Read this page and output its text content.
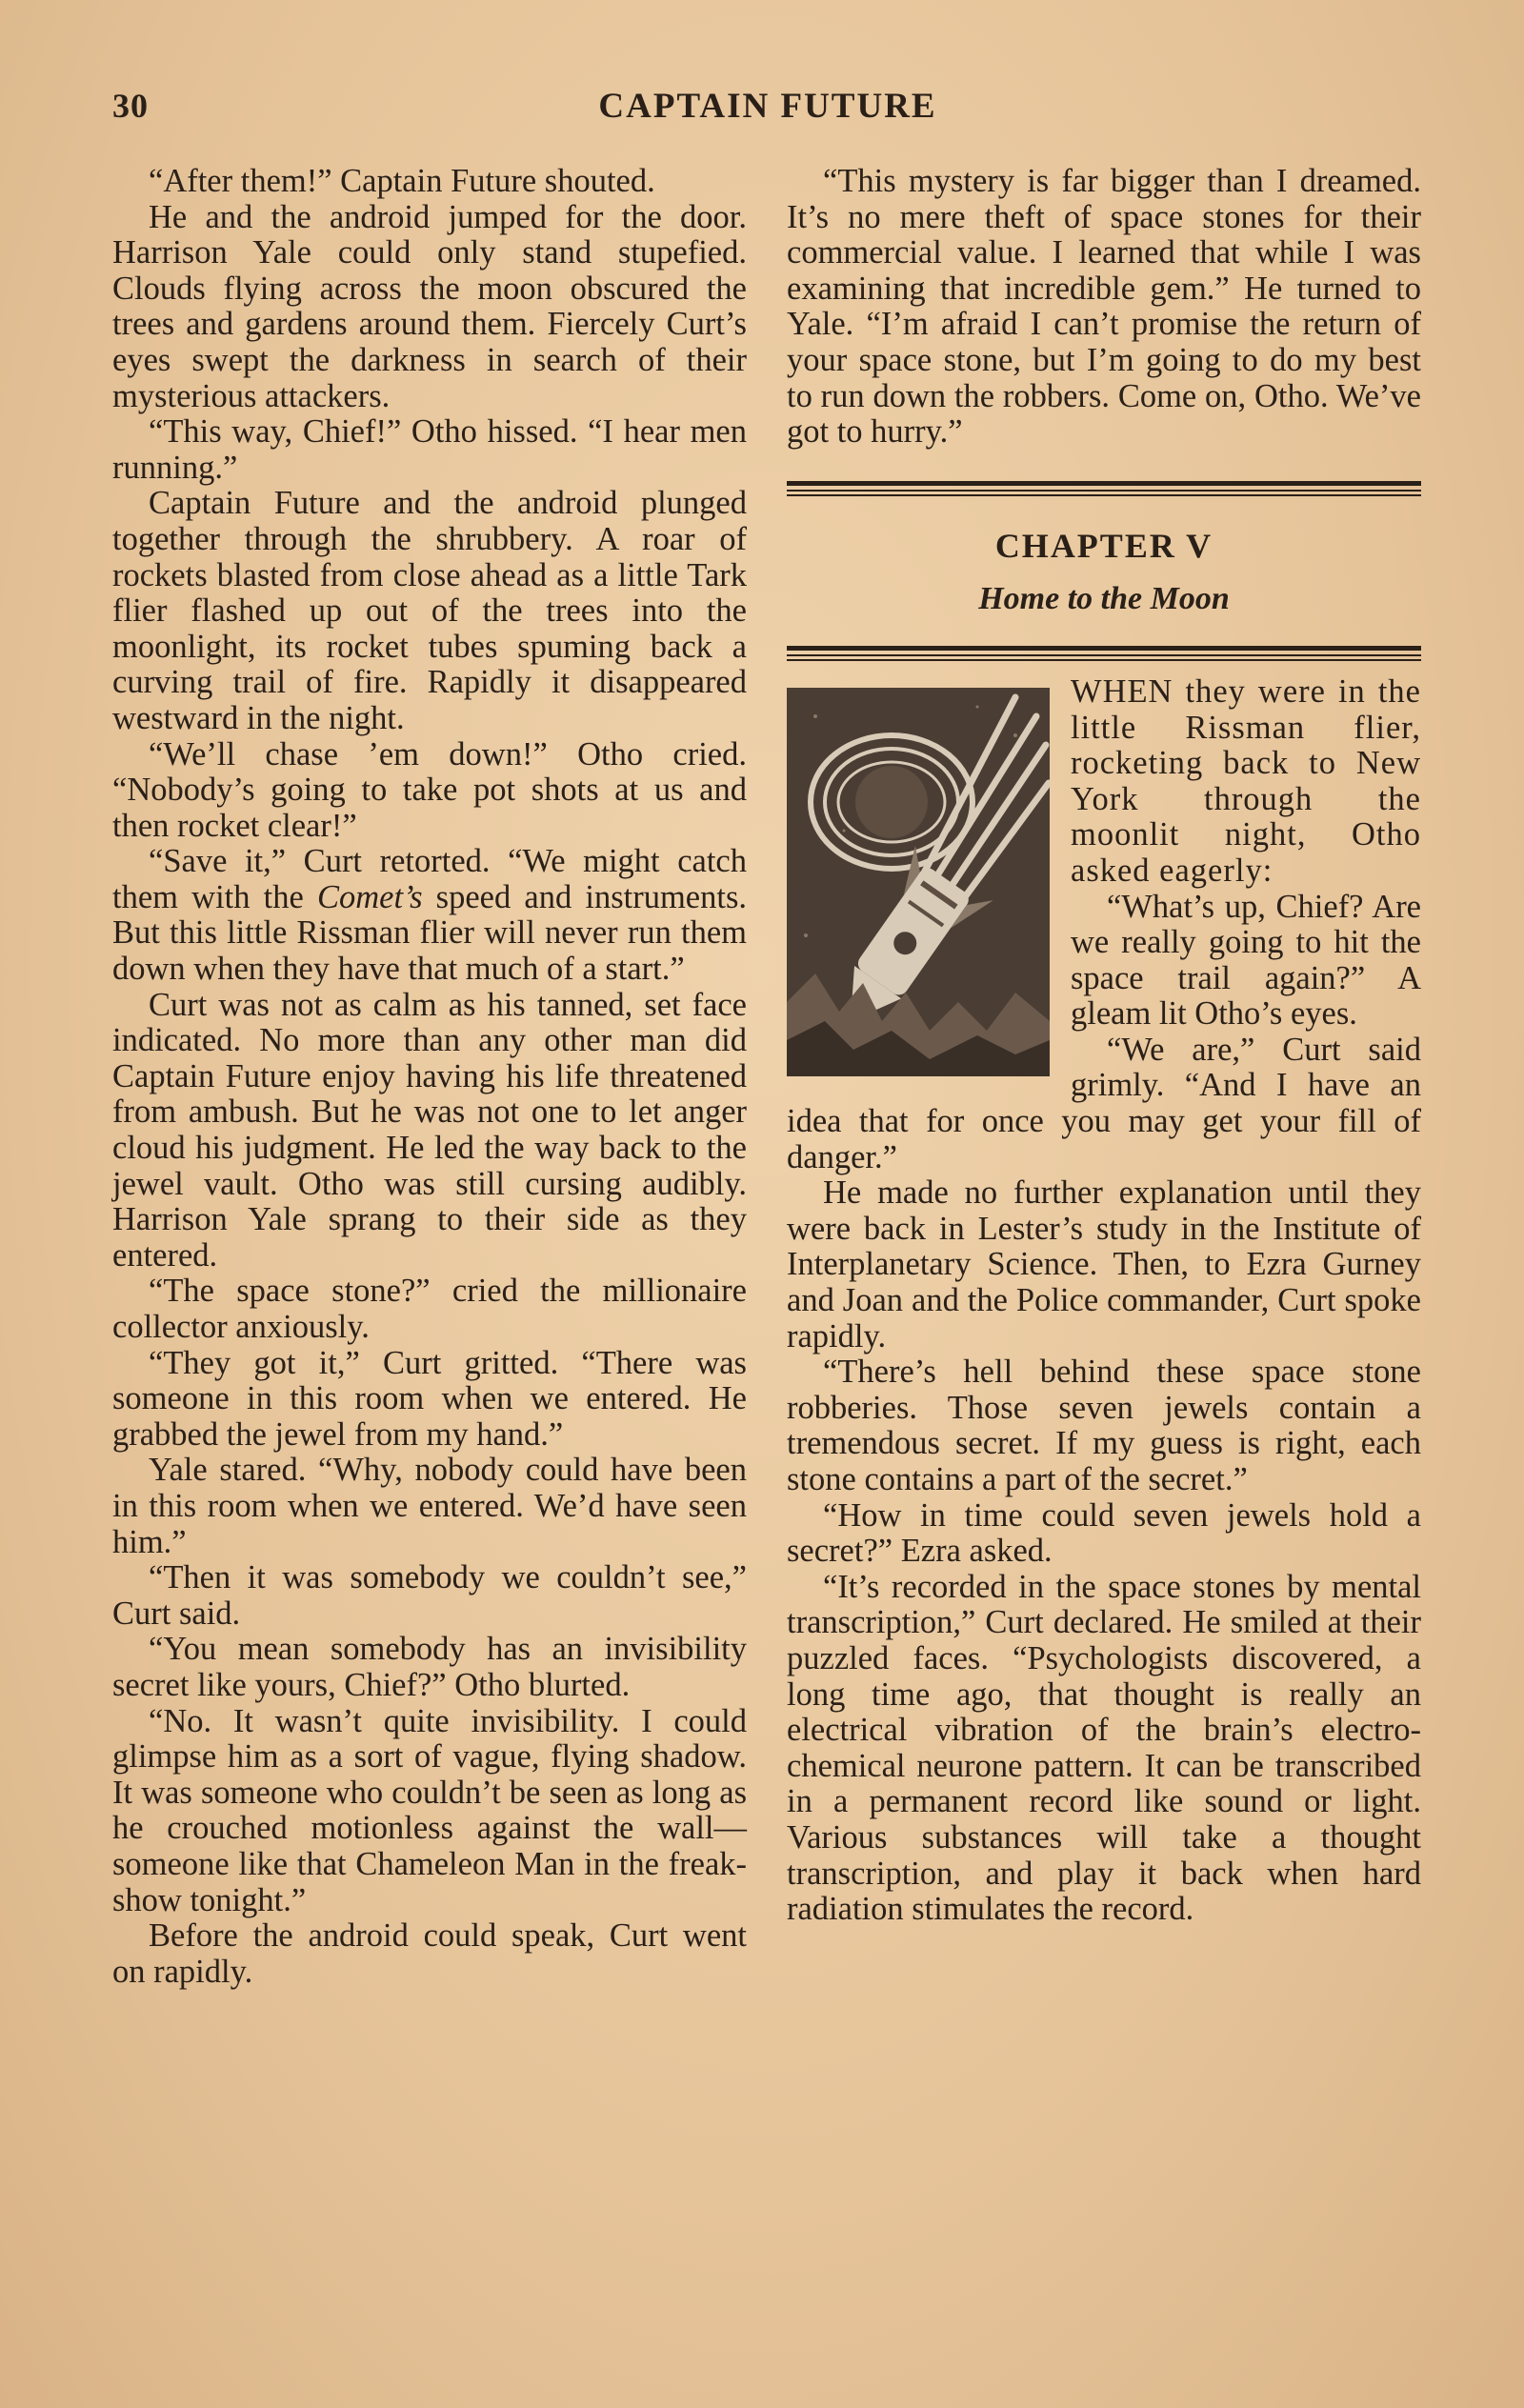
30	CAPTAIN FUTURE

“After them!” Captain Future shouted.

He and the android jumped for the door. Harrison Yale could only stand stupefied. Clouds flying across the moon obscured the trees and gardens around them. Fiercely Curt’s eyes swept the darkness in search of their mysterious attackers.

“This way, Chief!” Otho hissed. “I hear men running.”

Captain Future and the android plunged together through the shrubbery. A roar of rockets blasted from close ahead as a little Tark flier flashed up out of the trees into the moonlight, its rocket tubes spuming back a curving trail of fire. Rapidly it disappeared westward in the night.

“We’ll chase ’em down!” Otho cried. “Nobody’s going to take pot shots at us and then rocket clear!”

“Save it,” Curt retorted. “We might catch them with the Comet’s speed and instruments. But this little Rissman flier will never run them down when they have that much of a start.”

Curt was not as calm as his tanned, set face indicated. No more than any other man did Captain Future enjoy having his life threatened from ambush. But he was not one to let anger cloud his judgment. He led the way back to the jewel vault. Otho was still cursing audibly. Harrison Yale sprang to their side as they entered.

“The space stone?” cried the millionaire collector anxiously.

“They got it,” Curt gritted. “There was someone in this room when we entered. He grabbed the jewel from my hand.”

Yale stared. “Why, nobody could have been in this room when we entered. We’d have seen him.”

“Then it was somebody we couldn’t see,” Curt said.

“You mean somebody has an invisibility secret like yours, Chief?” Otho blurted.

“No. It wasn’t quite invisibility. I could glimpse him as a sort of vague, flying shadow. It was someone who couldn’t be seen as long as he crouched motionless against the wall—someone like that Chameleon Man in the freak-show tonight.”

Before the android could speak, Curt went on rapidly.

“This mystery is far bigger than I dreamed. It’s no mere theft of space stones for their commercial value. I learned that while I was examining that incredible gem.” He turned to Yale. “I’m afraid I can’t promise the return of your space stone, but I’m going to do my best to run down the robbers. Come on, Otho. We’ve got to hurry.”

CHAPTER V
Home to the Moon

WHEN they were in the little Rissman flier, rocketing back to New York through the moonlit night, Otho asked eagerly:

“What’s up, Chief? Are we really going to hit the space trail again?” A gleam lit Otho’s eyes.

“We are,” Curt said grimly. “And I have an idea that for once you may get your fill of danger.”

He made no further explanation until they were back in Lester’s study in the Institute of Interplanetary Science. Then, to Ezra Gurney and Joan and the Police commander, Curt spoke rapidly.

“There’s hell behind these space stone robberies. Those seven jewels contain a tremendous secret. If my guess is right, each stone contains a part of the secret.”

“How in time could seven jewels hold a secret?” Ezra asked.

“It’s recorded in the space stones by mental transcription,” Curt declared. He smiled at their puzzled faces. “Psychologists discovered, a long time ago, that thought is really an electrical vibration of the brain’s electro-chemical neurone pattern. It can be transcribed in a permanent record like sound or light. Various substances will take a thought transcription, and play it back when hard radiation stimulates the record.
